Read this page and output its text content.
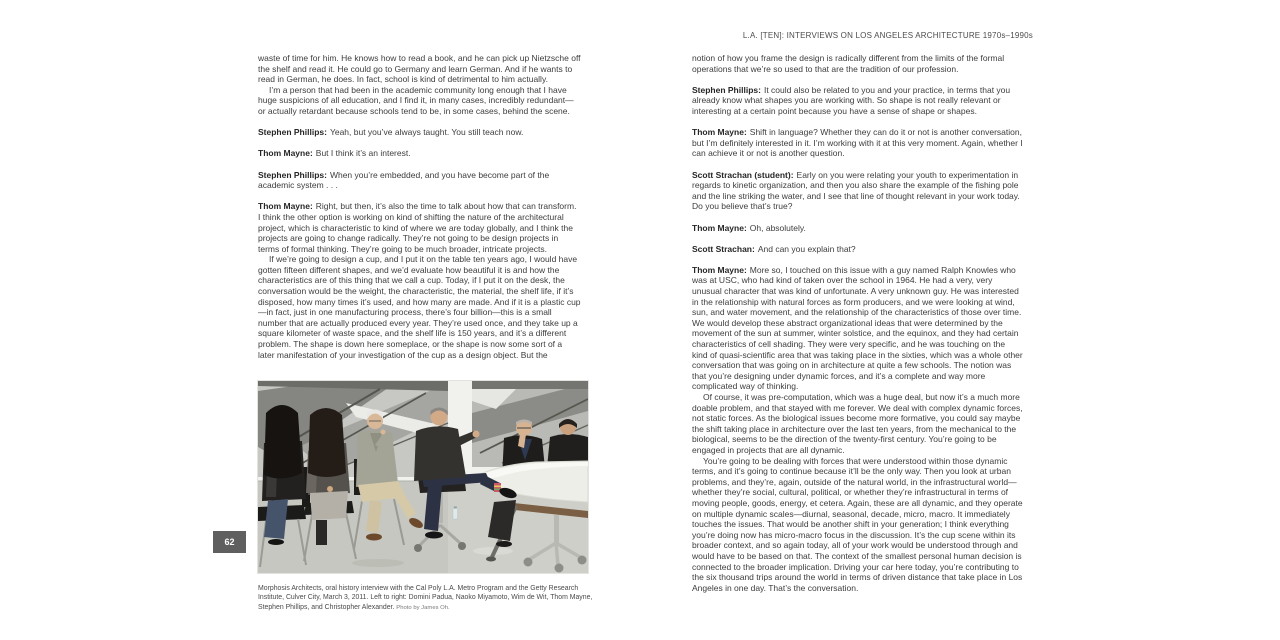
L.A. [TEN]: INTERVIEWS ON LOS ANGELES ARCHITECTURE 1970s–1990s

waste of time for him. He knows how to read a book, and he can pick up Nietzsche off the shelf and read it. He could go to Germany and learn German. And if he wants to read in German, he does. In fact, school is kind of detrimental to him actually.

I’m a person that had been in the academic community long enough that I have huge suspicions of all education, and I find it, in many cases, incredibly redundant—or actually retardant because schools tend to be, in some cases, behind the scene.

Stephen Phillips: Yeah, but you’ve always taught. You still teach now.

Thom Mayne: But I think it’s an interest.

Stephen Phillips: When you’re embedded, and you have become part of the academic system . . .

Thom Mayne: Right, but then, it’s also the time to talk about how that can transform. I think the other option is working on kind of shifting the nature of the architectural project, which is characteristic to kind of where we are today globally, and I think the projects are going to change radically. They’re not going to be design projects in terms of formal thinking. They’re going to be much broader, intricate projects.

If we’re going to design a cup, and I put it on the table ten years ago, I would have gotten fifteen different shapes, and we’d evaluate how beautiful it is and how the characteristics are of this thing that we call a cup. Today, if I put it on the desk, the conversation would be the weight, the characteristic, the material, the shelf life, if it’s disposed, how many times it’s used, and how many are made. And if it is a plastic cup—in fact, just in one manufacturing process, there’s four billion—this is a small number that are actually produced every year. They’re used once, and they take up a square kilometer of waste space, and the shelf life is 150 years, and it’s a different problem. The shape is down here someplace, or the shape is now some sort of a later manifestation of your investigation of the cup as a design object. But the

notion of how you frame the design is radically different from the limits of the formal operations that we’re so used to that are the tradition of our profession.

Stephen Phillips: It could also be related to you and your practice, in terms that you already know what shapes you are working with. So shape is not really relevant or interesting at a certain point because you have a sense of shape or shapes.

Thom Mayne: Shift in language? Whether they can do it or not is another conversation, but I’m definitely interested in it. I’m working with it at this very moment. Again, whether I can achieve it or not is another question.

Scott Strachan (student): Early on you were relating your youth to experimentation in regards to kinetic organization, and then you also share the example of the fishing pole and the line striking the water, and I see that line of thought relevant in your work today. Do you believe that’s true?

Thom Mayne: Oh, absolutely.

Scott Strachan: And can you explain that?

Thom Mayne: More so, I touched on this issue with a guy named Ralph Knowles who was at USC, who had kind of taken over the school in 1964. He had a very, very unusual character that was kind of unfortunate. A very unknown guy. He was interested in the relationship with natural forces as form producers, and we were looking at wind, sun, and water movement, and the relationship of the characteristics of those over time. We would develop these abstract organizational ideas that were determined by the movement of the sun at summer, winter solstice, and the equinox, and they had certain characteristics of cell shading. They were very specific, and he was touching on the kind of quasi-scientific area that was taking place in the sixties, which was a whole other conversation that was going on in architecture at quite a few schools. The notion was that you’re designing under dynamic forces, and it’s a complete and way more complicated way of thinking.

Of course, it was pre-computation, which was a huge deal, but now it’s a much more doable problem, and that stayed with me forever. We deal with complex dynamic forces, not static forces. As the biological issues become more formative, you could say maybe the shift taking place in architecture over the last ten years, from the mechanical to the biological, seems to be the direction of the twenty-first century. You’re going to be engaged in projects that are all dynamic.

You’re going to be dealing with forces that were understood within those dynamic terms, and it’s going to continue because it’ll be the only way. Then you look at urban problems, and they’re, again, outside of the natural world, in the infrastructural world—whether they’re social, cultural, political, or whether they’re infrastructural in terms of moving people, goods, energy, et cetera. Again, these are all dynamic, and they operate on multiple dynamic scales—diurnal, seasonal, decade, micro, macro. It immediately touches the issues. That would be another shift in your generation; I think everything you’re doing now has micro-macro focus in the discussion. It’s the cup scene within its broader context, and so again today, all of your work would be understood through and would have to be based on that. The context of the smallest personal human decision is connected to the broader implication. Driving your car here today, you’re contributing to the six thousand trips around the world in terms of driven distance that take place in Los Angeles in one day. That’s the conversation.

62
Morphosis Architects, oral history interview with the Cal Poly L.A. Metro Program and the Getty Research Institute, Culver City, March 3, 2011. Left to right: Domini Padua, Naoko Miyamoto, Wim de Wit, Thom Mayne, Stephen Phillips, and Christopher Alexander. Photo by James Oh.
